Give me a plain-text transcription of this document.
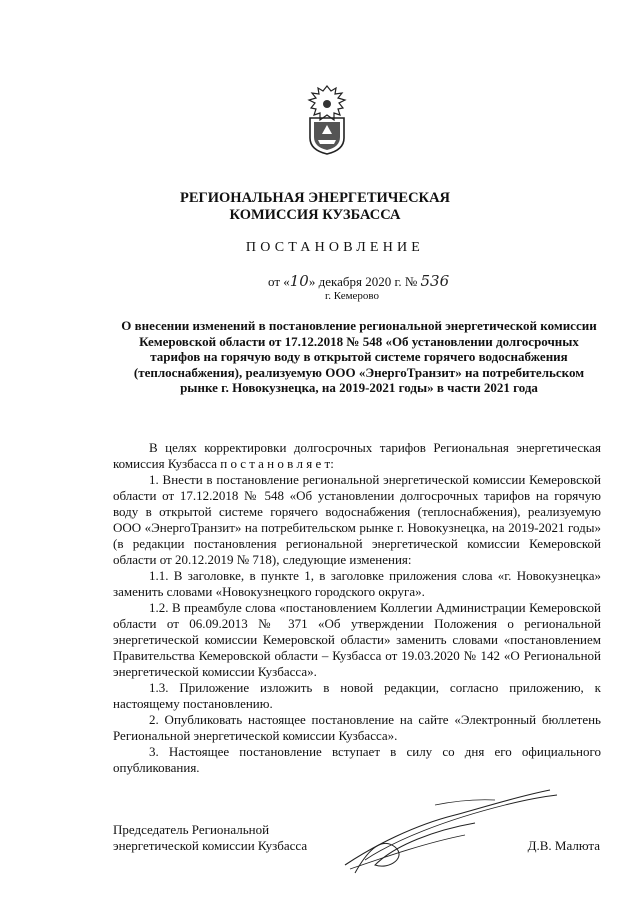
РЕГИОНАЛЬНАЯ ЭНЕРГЕТИЧЕСКАЯ КОМИССИЯ КУЗБАССА
ПОСТАНОВЛЕНИЕ
от «10» декабря 2020 г. № 536
г. Кемерово
О внесении изменений в постановление региональной энергетической комиссии Кемеровской области от 17.12.2018 № 548 «Об установлении долгосрочных тарифов на горячую воду в открытой системе горячего водоснабжения (теплоснабжения), реализуемую ООО «ЭнергоТранзит» на потребительском рынке г. Новокузнецка, на 2019-2021 годы» в части 2021 года

В целях корректировки долгосрочных тарифов Региональная энергетическая комиссия Кузбасса п о с т а н о в л я е т:

1. Внести в постановление региональной энергетической комиссии Кемеровской области от 17.12.2018 № 548 «Об установлении долгосрочных тарифов на горячую воду в открытой системе горячего водоснабжения (теплоснабжения), реализуемую ООО «ЭнергоТранзит» на потребительском рынке г. Новокузнецка, на 2019-2021 годы» (в редакции постановления региональной энергетической комиссии Кемеровской области от 20.12.2019 № 718), следующие изменения:

1.1. В заголовке, в пункте 1, в заголовке приложения слова «г. Новокузнецка» заменить словами «Новокузнецкого городского округа».

1.2. В преамбуле слова «постановлением Коллегии Администрации Кемеровской области от 06.09.2013 № 371 «Об утверждении Положения о региональной энергетической комиссии Кемеровской области» заменить словами «постановлением Правительства Кемеровской области – Кузбасса от 19.03.2020 № 142 «О Региональной энергетической комиссии Кузбасса».

1.3. Приложение изложить в новой редакции, согласно приложению, к настоящему постановлению.

2. Опубликовать настоящее постановление на сайте «Электронный бюллетень Региональной энергетической комиссии Кузбасса».

3. Настоящее постановление вступает в силу со дня его официального опубликования.

Председатель Региональной
энергетической комиссии Кузбасса	Д.В. Малюта
